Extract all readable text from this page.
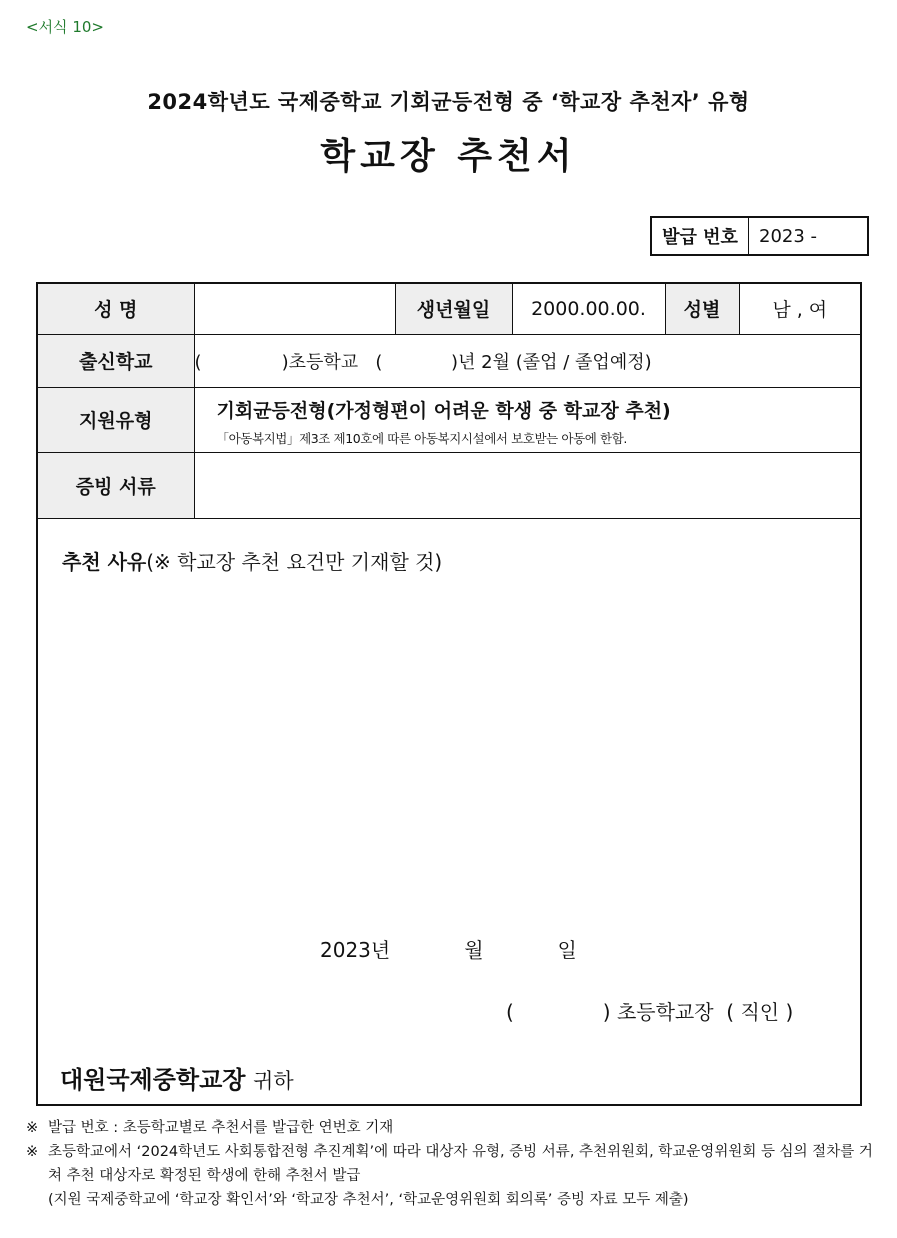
<서식 10>
2024학년도 국제중학교 기회균등전형 중 ‘학교장 추천자’ 유형
학교장 추천서
발급 번호	2023 -
성 명		생년월일	2000.00.00.	성별	남 , 여
출신학교	(              )초등학교   (            )년 2월 (졸업 / 졸업예정)				
지원유형	기회균등전형(가정형편이 어려운 학생 중 학교장 추천)
「아동복지법」제3조 제10호에 따른 아동복지시설에서 보호받는 아동에 한함.				

증빙 서류					
추천 사유(※ 학교장 추천 요건만 기재할 것)
2023년	월	일
(              ) 초등학교장  ( 직인 )
대원국제중학교장 귀하
※ 발급 번호 : 초등학교별로 추천서를 발급한 연번호 기재
※ 초등학교에서 ‘2024학년도 사회통합전형 추진계획’에 따라 대상자 유형, 증빙 서류, 추천위원회, 학교운영위원회 등 심의 절차를 거쳐 추천 대상자로 확정된 학생에 한해 추천서 발급
(지원 국제중학교에 ‘학교장 확인서’와 ‘학교장 추천서’, ‘학교운영위원회 회의록’ 증빙 자료 모두 제출)
